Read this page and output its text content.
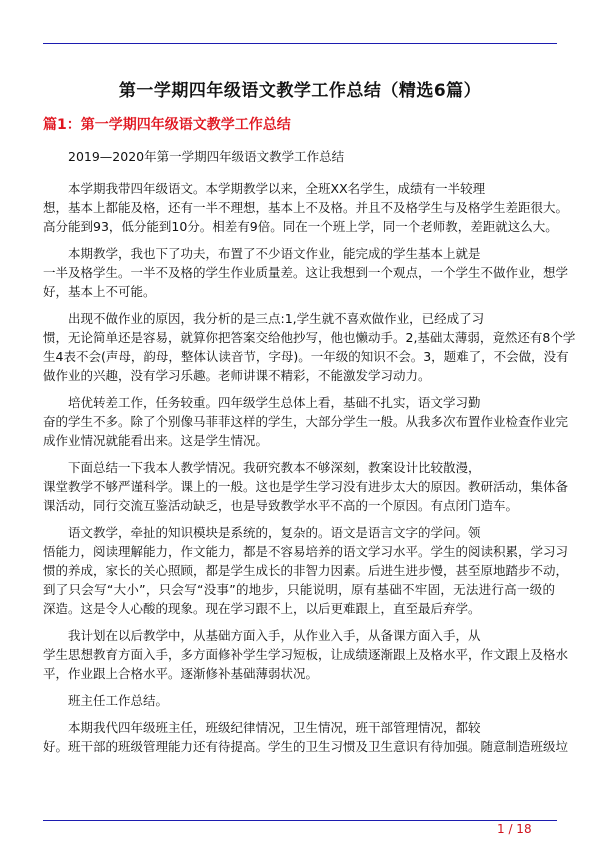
第一学期四年级语文教学工作总结（精选6篇）
篇1：第一学期四年级语文教学工作总结
2019—2020年第一学期四年级语文教学工作总结
本学期我带四年级语文。本学期教学以来，全班XX名学生，成绩有一半较理
想，基本上都能及格，还有一半不理想，基本上不及格。并且不及格学生与及格学生差距很大。
高分能到93，低分能到10分。相差有9倍。同在一个班上学，同一个老师教，差距就这么大。
本期教学，我也下了功夫，布置了不少语文作业，能完成的学生基本上就是
一半及格学生。一半不及格的学生作业质量差。这让我想到一个观点，一个学生不做作业，想学
好，基本上不可能。
出现不做作业的原因，我分析的是三点:1,学生就不喜欢做作业，已经成了习
惯，无论简单还是容易，就算你把答案交给他抄写，他也懒动手。2,基础太薄弱，竟然还有8个学
生4表不会(声母，韵母，整体认读音节，字母)。一年级的知识不会。3，题难了，不会做，没有
做作业的兴趣，没有学习乐趣。老师讲课不精彩，不能激发学习动力。
培优转差工作，任务较重。四年级学生总体上看，基础不扎实，语文学习勤
奋的学生不多。除了个别像马菲菲这样的学生，大部分学生一般。从我多次布置作业检查作业完
成作业情况就能看出来。这是学生情况。
下面总结一下我本人教学情况。我研究教本不够深刻，教案设计比较散漫，
课堂教学不够严谨科学。课上的一般。这也是学生学习没有进步太大的原因。教研活动，集体备
课活动，同行交流互鉴活动缺乏，也是导致教学水平不高的一个原因。有点闭门造车。
语文教学，牵扯的知识模块是系统的，复杂的。语文是语言文字的学问。领
悟能力，阅读理解能力，作文能力，都是不容易培养的语文学习水平。学生的阅读积累，学习习
惯的养成，家长的关心照顾，都是学生成长的非智力因素。后进生进步慢，甚至原地踏步不动，
到了只会写“大小”，只会写“没事”的地步，只能说明，原有基础不牢固，无法进行高一级的
深造。这是令人心酸的现象。现在学习跟不上，以后更难跟上，直至最后弃学。
我计划在以后教学中，从基础方面入手，从作业入手，从备课方面入手，从
学生思想教育方面入手，多方面修补学生学习短板，让成绩逐渐跟上及格水平，作文跟上及格水
平，作业跟上合格水平。逐渐修补基础薄弱状况。
班主任工作总结。
本期我代四年级班主任，班级纪律情况，卫生情况，班干部管理情况，都较
好。班干部的班级管理能力还有待提高。学生的卫生习惯及卫生意识有待加强。随意制造班级垃
1 / 18
